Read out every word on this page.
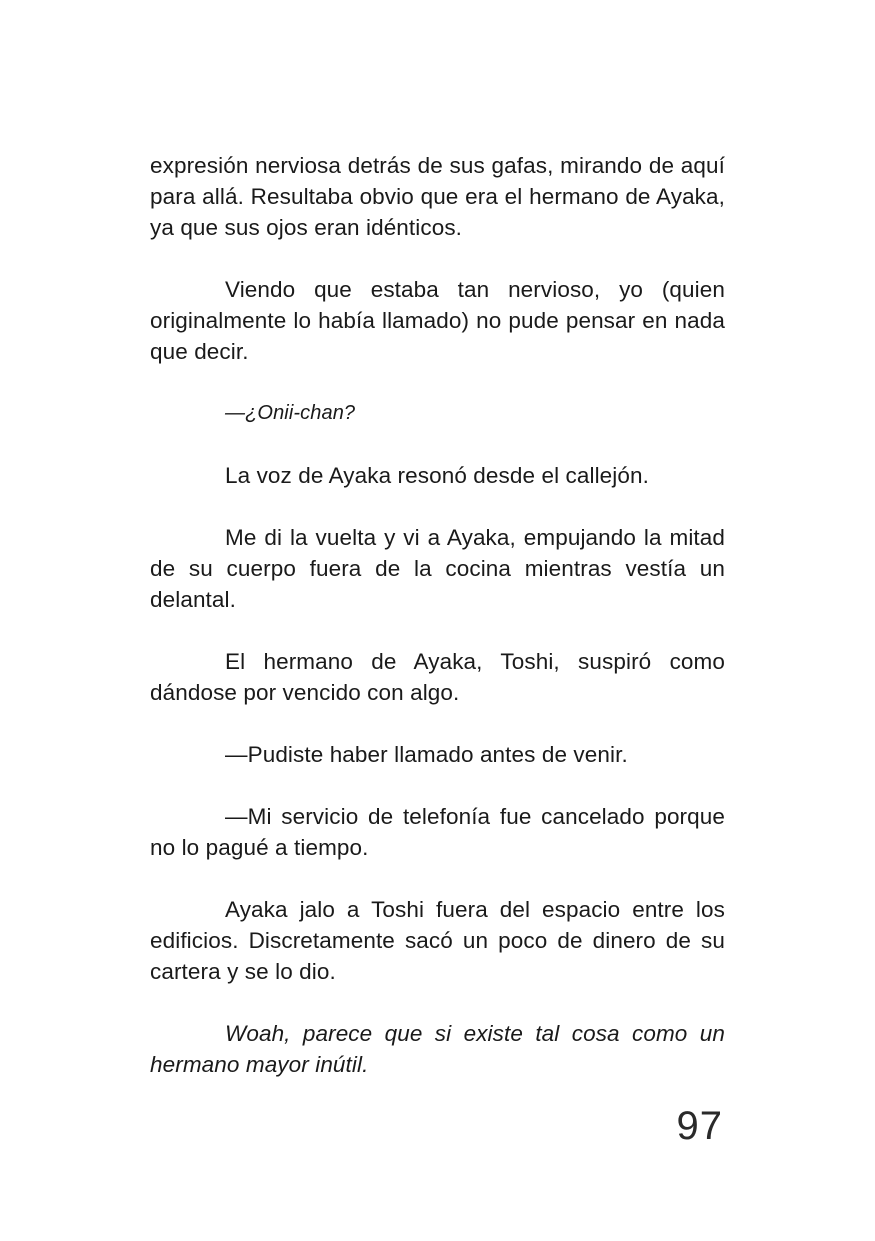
expresión nerviosa detrás de sus gafas, mirando de aquí para allá. Resultaba obvio que era el hermano de Ayaka, ya que sus ojos eran idénticos.

Viendo que estaba tan nervioso, yo (quien originalmente lo había llamado) no pude pensar en nada que decir.

—¿Onii-chan?

La voz de Ayaka resonó desde el callejón.

Me di la vuelta y vi a Ayaka, empujando la mitad de su cuerpo fuera de la cocina mientras vestía un delantal.

El hermano de Ayaka, Toshi, suspiró como dándose por vencido con algo.

—Pudiste haber llamado antes de venir.

—Mi servicio de telefonía fue cancelado porque no lo pagué a tiempo.

Ayaka jalo a Toshi fuera del espacio entre los edificios. Discretamente sacó un poco de dinero de su cartera y se lo dio.

Woah, parece que si existe tal cosa como un hermano mayor inútil.

97
